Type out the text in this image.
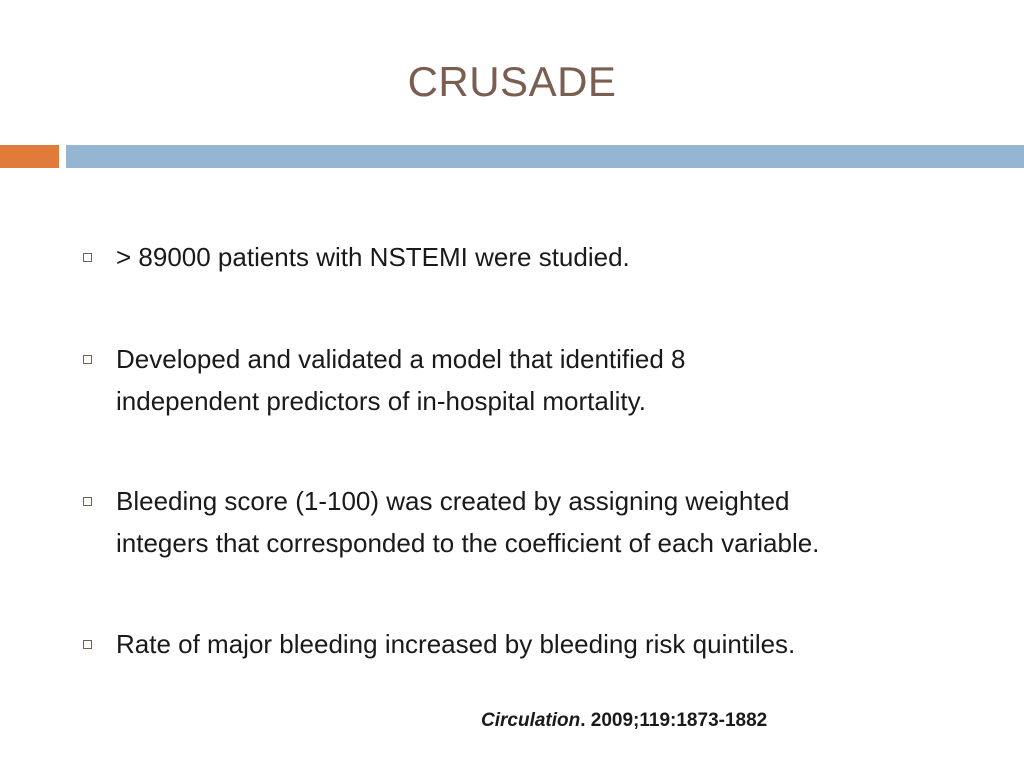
CRUSADE
> 89000 patients with NSTEMI were studied.
Developed and validated a model that identified 8
independent predictors of in-hospital mortality.
Bleeding score (1-100) was created by assigning weighted
integers that corresponded to the coefficient of each variable.
Rate of major bleeding increased by bleeding risk quintiles.
Circulation. 2009;119:1873-1882
